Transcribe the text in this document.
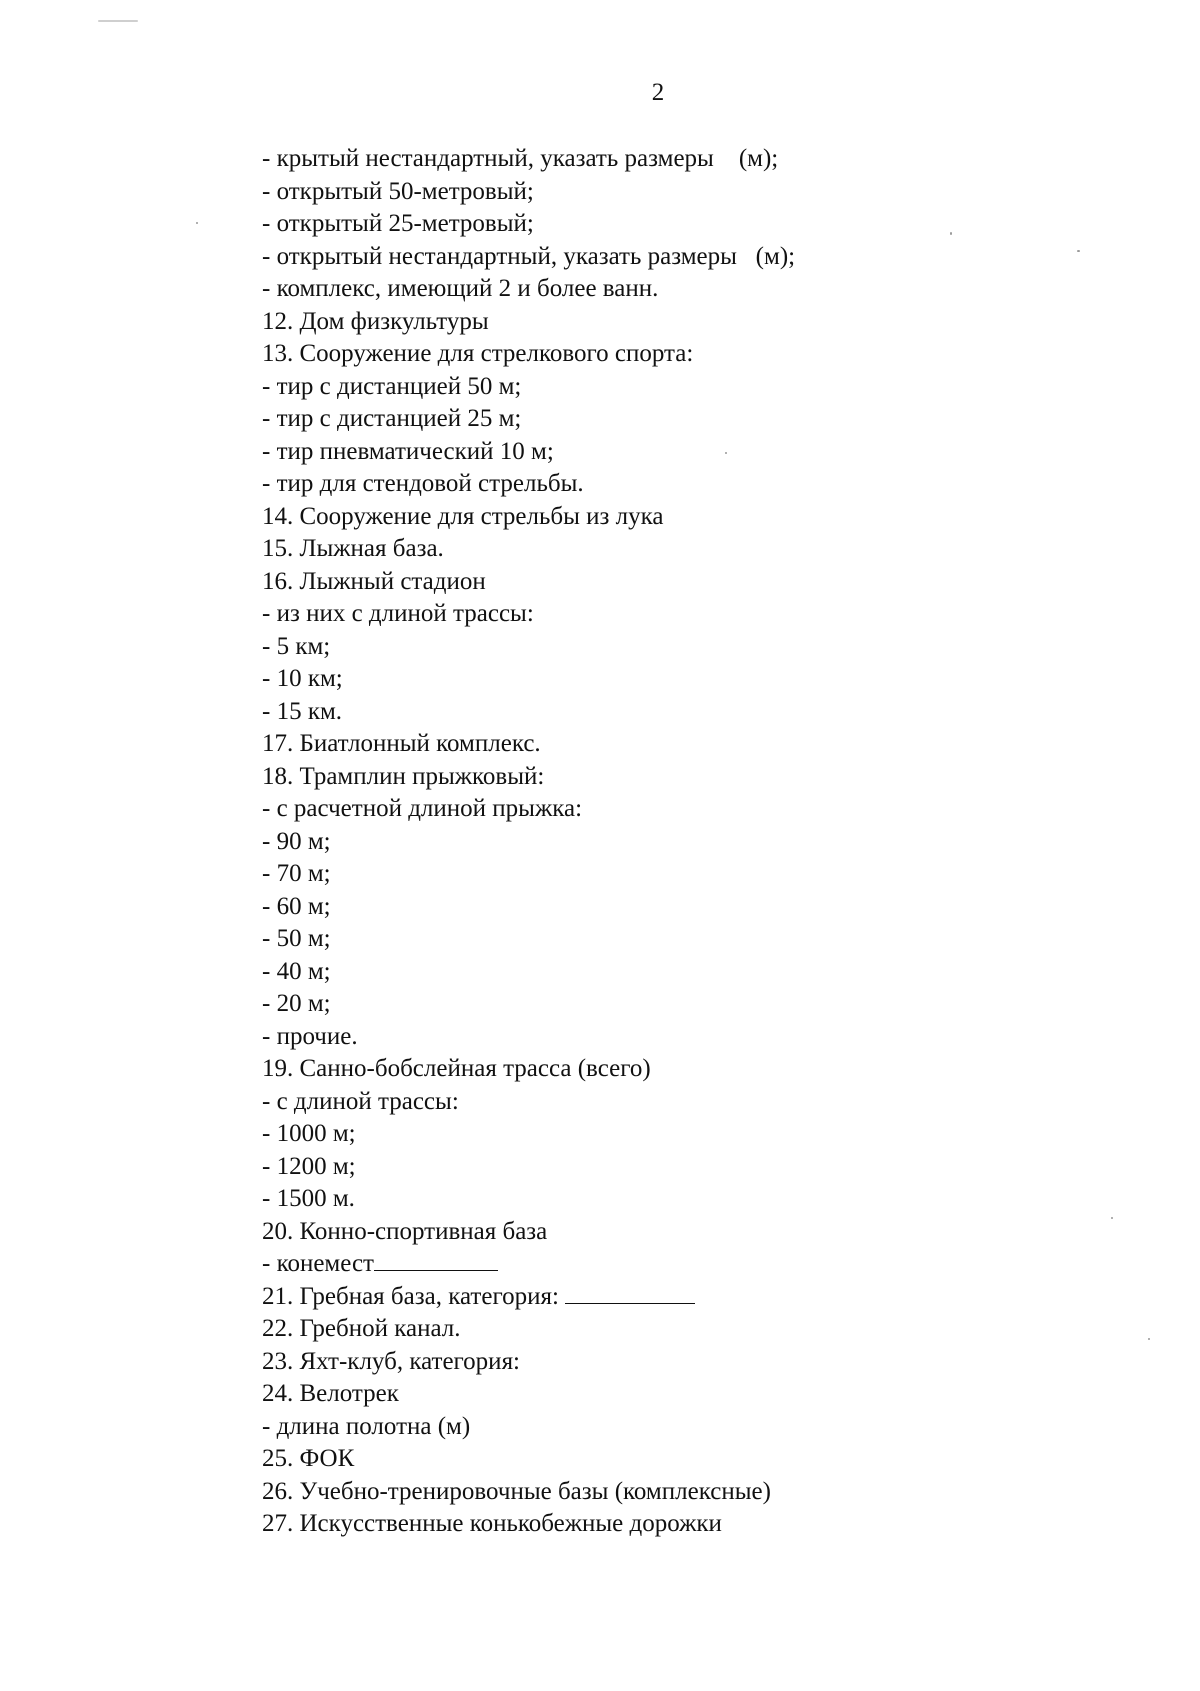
2
- крытый нестандартный, указать размеры    (м);
- открытый 50-метровый;
- открытый 25-метровый;
- открытый нестандартный, указать размеры   (м);
- комплекс, имеющий 2 и более ванн.
12. Дом физкультуры
13. Сооружение для стрелкового спорта:
- тир с дистанцией 50 м;
- тир с дистанцией 25 м;
- тир пневматический 10 м;
- тир для стендовой стрельбы.
14. Сооружение для стрельбы из лука
15. Лыжная база.
16. Лыжный стадион
- из них с длиной трассы:
- 5 км;
- 10 км;
- 15 км.
17. Биатлонный комплекс.
18. Трамплин прыжковый:
- с расчетной длиной прыжка:
- 90 м;
- 70 м;
- 60 м;
- 50 м;
- 40 м;
- 20 м;
- прочие.
19. Санно-бобслейная трасса (всего)
- с длиной трассы:
- 1000 м;
- 1200 м;
- 1500 м.
20. Конно-спортивная база
- конемест
21. Гребная база, категория:
22. Гребной канал.
23. Яхт-клуб, категория:
24. Велотрек
- длина полотна (м)
25. ФОК
26. Учебно-тренировочные базы (комплексные)
27. Искусственные конькобежные дорожки
